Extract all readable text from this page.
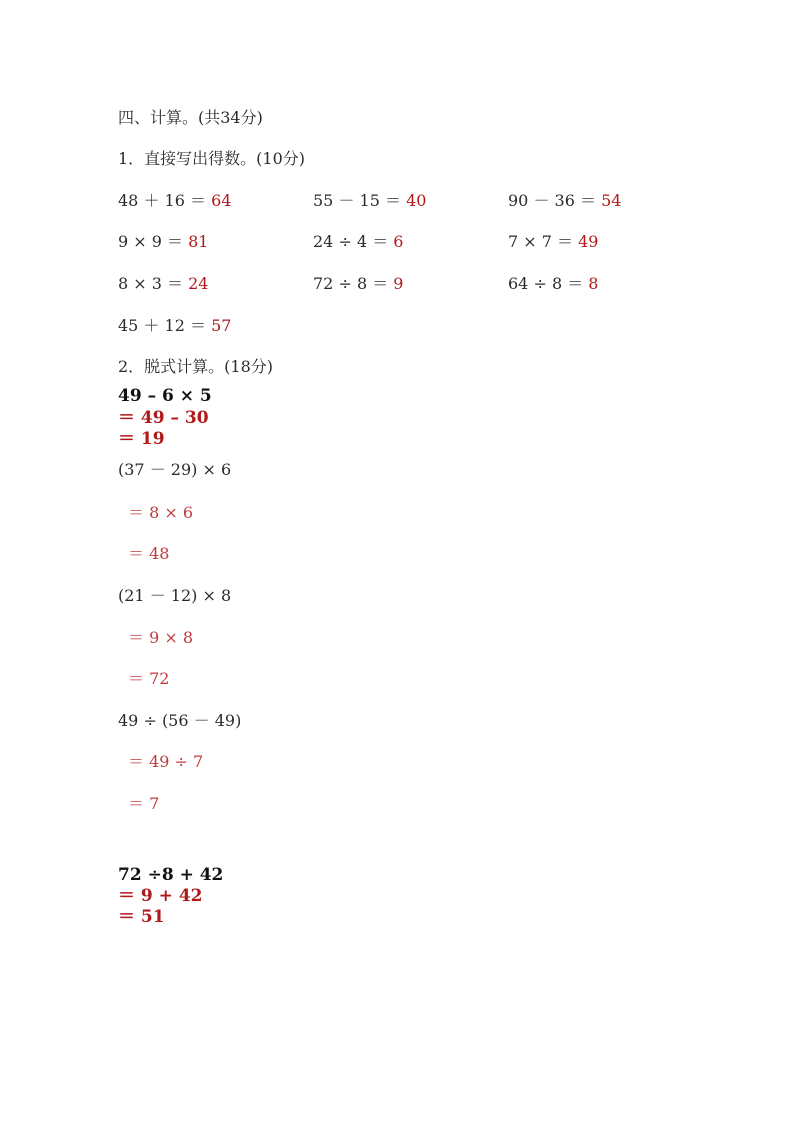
四、计算。(共34分)
1．直接写出得数。(10分)
48 ＋ 16 ＝ 64	55 － 15 ＝ 40	90 － 36 ＝ 54
9 × 9 ＝ 81	24 ÷ 4 ＝ 6	7 × 7 ＝ 49
8 × 3 ＝ 24	72 ÷ 8 ＝ 9	64 ÷ 8 ＝ 8
45 ＋ 12 ＝ 57
2．脱式计算。(18分)
49 – 6 × 5
＝ 49 – 30
＝ 19
(37 － 29) × 6
＝ 8 × 6
＝ 48
(21 － 12) × 8
＝ 9 × 8
＝ 72
49 ÷ (56 － 49)
＝ 49 ÷ 7
＝ 7
72 ÷8 + 42
＝ 9 + 42
＝ 51
